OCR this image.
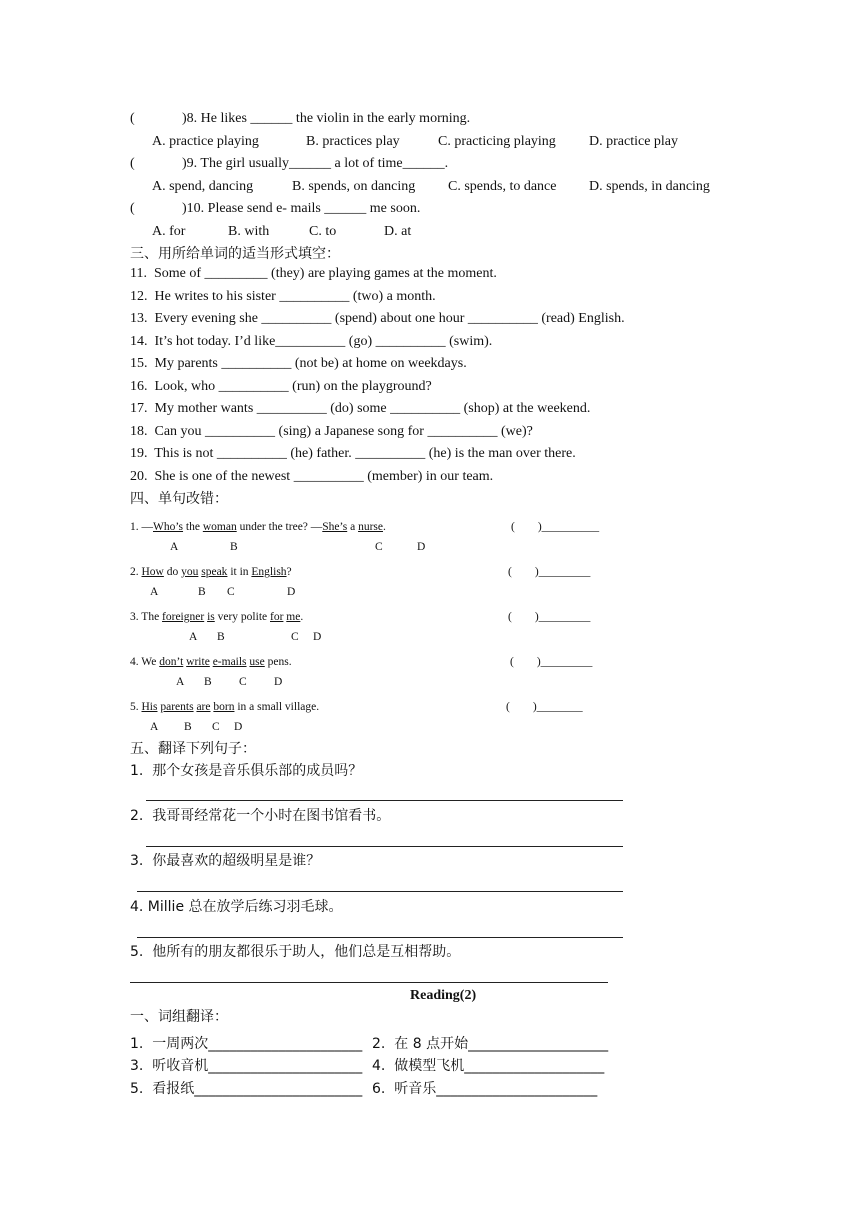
(	)8. He likes ______ the violin in the early morning.
A. practice playing	B. practices play	C. practicing playing D. practice play
(	)9. The girl usually______ a lot of time______.
A. spend, dancing	B. spends, on dancing C. spends, to dance D. spends, in dancing
(	)10. Please send e- mails ______ me soon.
A. for	B. with	C. to	D. at
三、用所给单词的适当形式填空：
11.  Some of _________ (they) are playing games at the moment.
12.  He writes to his sister __________ (two) a month.
13.  Every evening she __________ (spend) about one hour __________ (read) English.
14.  It’s hot today. I’d like__________ (go) __________ (swim).
15.  My parents __________ (not be) at home on weekdays.
16.  Look, who __________ (run) on the playground?
17.  My mother wants __________ (do) some __________ (shop) at the weekend.
18.  Can you __________ (sing) a Japanese song for __________ (we)?
19.  This is not __________ (he) father. __________ (he) is the man over there.
20.  She is one of the newest __________ (member) in our team.
四、单句改错：
1. —Who’s the woman under the tree? —She’s a nurse.	(        )__________
A	B	C	D
2. How do you speak it in English?	(        )_________
A	B C	D
3. The foreigner is very polite for me.	(        )_________
A B	C D
4. We don’t write e-mails use pens.	(        )_________
A B C D
5. His parents are born in a small village.	(        )________
A B C D
五、翻译下列句子：
1.  那个女孩是音乐俱乐部的成员吗？
2.  我哥哥经常花一个小时在图书馆看书。
3.  你最喜欢的超级明星是谁？
4. Millie 总在放学后练习羽毛球。
5.  他所有的朋友都很乐于助人，他们总是互相帮助。
Reading(2)
一、词组翻译：
1.  一周两次______________________ 2.  在 8 点开始____________________
3.  听收音机______________________ 4.  做模型飞机____________________
5.  看报纸________________________ 6.  听音乐_______________________
